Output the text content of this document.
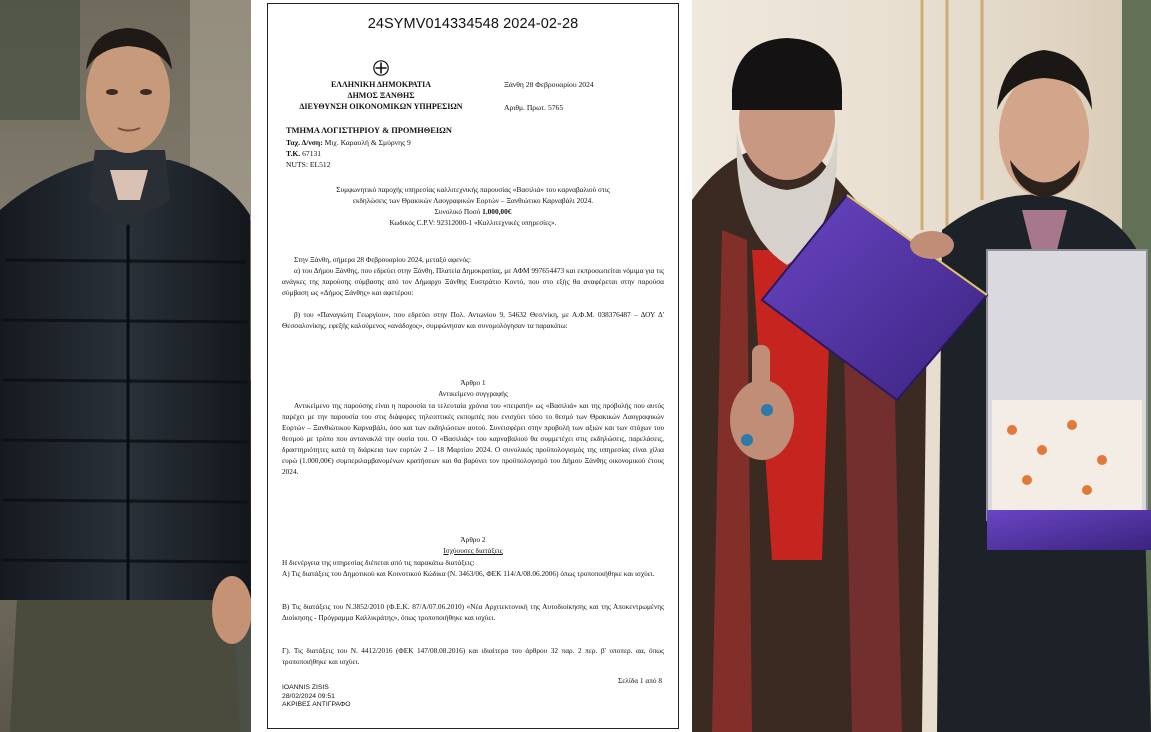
24SYMV014334548 2024-02-28
ΕΛΛΗΝΙΚΗ ΔΗΜΟΚΡΑΤΙΑ
ΔΗΜΟΣ ΞΑΝΘΗΣ
ΔΙΕΥΘΥΝΣΗ ΟΙΚΟΝΟΜΙΚΩΝ ΥΠΗΡΕΣΙΩΝ
Ξάνθη 28 Φεβρουαρίου 2024
Αριθμ. Πρωτ. 5765
ΤΜΗΜΑ ΛΟΓΙΣΤΗΡΙΟΥ & ΠΡΟΜΗΘΕΙΩΝ
Ταχ. Δ/νση: Μιχ. Καραολή & Σμύρνης 9
Τ.Κ. 67131
NUTS: EL512
Συμφωνητικό παροχής υπηρεσίας καλλιτεχνικής παρουσίας «Βασιλιά» του καρναβαλιού στις
εκδηλώσεις των Θρακικών Λαογραφικών Εορτών – Ξανθιώτικο Καρναβάλι 2024.
Συνολικό Ποσό 1.000,00€
Κωδικός C.P.V: 92312000-1 «Καλλιτεχνικές υπηρεσίες».
Στην Ξάνθη, σήμερα 28 Φεβρουαρίου 2024, μεταξύ αφενός:
α) του Δήμου Ξάνθης, που εδρεύει στην Ξάνθη, Πλατεία Δημοκρατίας, με ΑΦΜ 997654473 και εκπροσωπείται νόμιμα για τις ανάγκες της παρούσης σύμβασης από τον Δήμαρχο Ξάνθης Ευστράτιο Κοντό, που στο εξής θα αναφέρεται στην παρούσα σύμβαση ως «Δήμος Ξάνθης» και αφετέρου:
β) του «Παναγιώτη Γεωργίου», που εδρεύει στην Πολ. Αντωνίου 9, 54632 Θεσ/νίκη, με Α.Φ.Μ. 038376487 – ΔΟΥ Δ' Θεσσαλονίκης, εφεξής καλούμενος «ανάδοχος», συμφώνησαν και συνομολόγησαν τα παρακάτω:
Άρθρο 1
Αντικείμενο συγγραφής
Αντικείμενο της παρούσης είναι η παρουσία τα τελευταία χρόνια του «πειρατή» ως «Βασιλιά» και της προβολής που αυτός παρέχει με την παρουσία του στις διάφορες τηλεοπτικές εκπομπές που ενισχύει τόσο το θεσμό των Θρακικών Λαογραφικών Εορτών – Ξανθιώτικου Καρναβάλι, όσο και των εκδηλώσεων αυτού. Συνεισφέρει στην προβολή των αξιών και των στόχων του θεσμού με τρόπο που αντανακλά την ουσία του. Ο «Βασιλιάς» του καρναβαλιού θα συμμετέχει στις εκδηλώσεις, παρελάσεις, δραστηριότητες κατά τη διάρκεια των εορτών 2 – 18 Μαρτίου 2024. Ο συνολικός προϋπολογισμός της υπηρεσίας είναι χίλια ευρώ (1.000,00€) συμπεριλαμβανομένων κρατήσεων και θα βαρύνει τον προϋπολογισμό του Δήμου Ξάνθης οικονομικού έτους 2024.
Άρθρο 2
Ισχύουσες διατάξεις
Η διενέργεια της υπηρεσίας διέπεται από τις παρακάτω διατάξεις:
Α) Τις διατάξεις του Δημοτικού και Κοινοτικού Κώδικα (Ν. 3463/06, ΦΕΚ 114/Α/08.06.2006) όπως τροποποιήθηκε και ισχύει.
Β) Τις διατάξεις του Ν.3852/2010 (Φ.Ε.Κ. 87/Α/07.06.2010) «Νέα Αρχιτεκτονική της Αυτοδιοίκησης και της Αποκεντρωμένης Διοίκησης - Πρόγραμμα Καλλικράτης», όπως τροποποιήθηκε και ισχύει.
Γ). Τις διατάξεις του Ν. 4412/2016 (ΦΕΚ 147/08.08.2016) και ιδιαίτερα του άρθρου 32 παρ. 2 περ. β' υποπερ. αα, όπως τροποποιήθηκε και ισχύει.
Σελίδα 1 από 8
IOANNIS ZISIS
28/02/2024 09:51
ΑΚΡΙΒΕΣ ΑΝΤΙΓΡΑΦΟ
